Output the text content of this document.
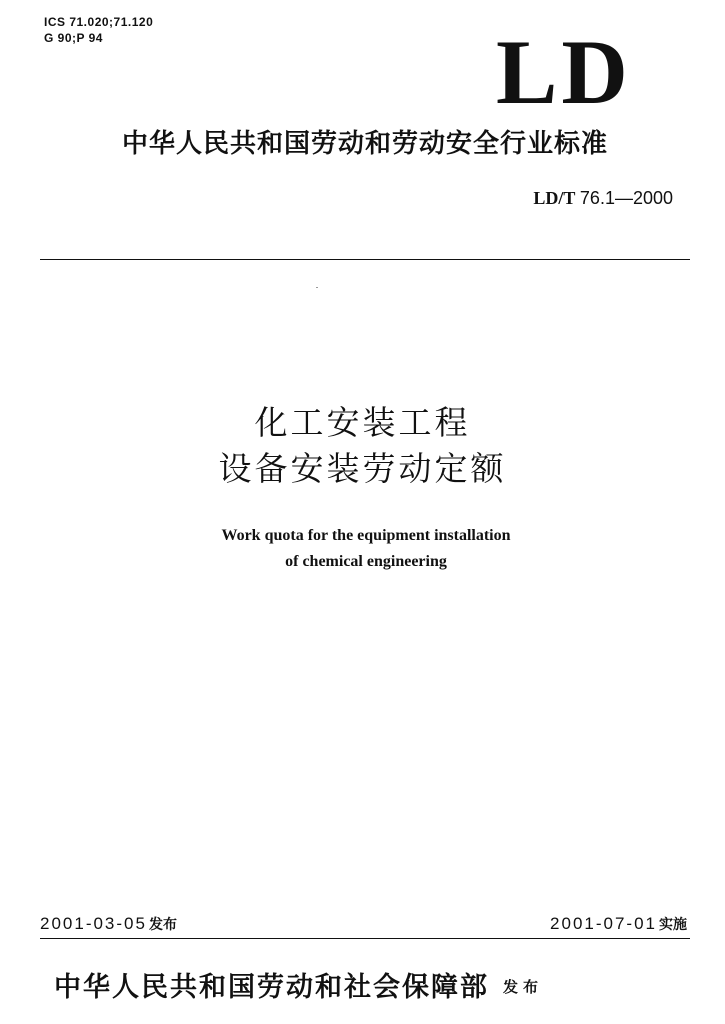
ICS 71.020;71.120
G 90;P 94	LD
中华人民共和国劳动和劳动安全行业标准
LD/T 76.1—2000
化工安装工程
设备安装劳动定额
Work quota for the equipment installation
of chemical engineering
2001-03-05 发布	2001-07-01 实施
中华人民共和国劳动和社会保障部 发布
